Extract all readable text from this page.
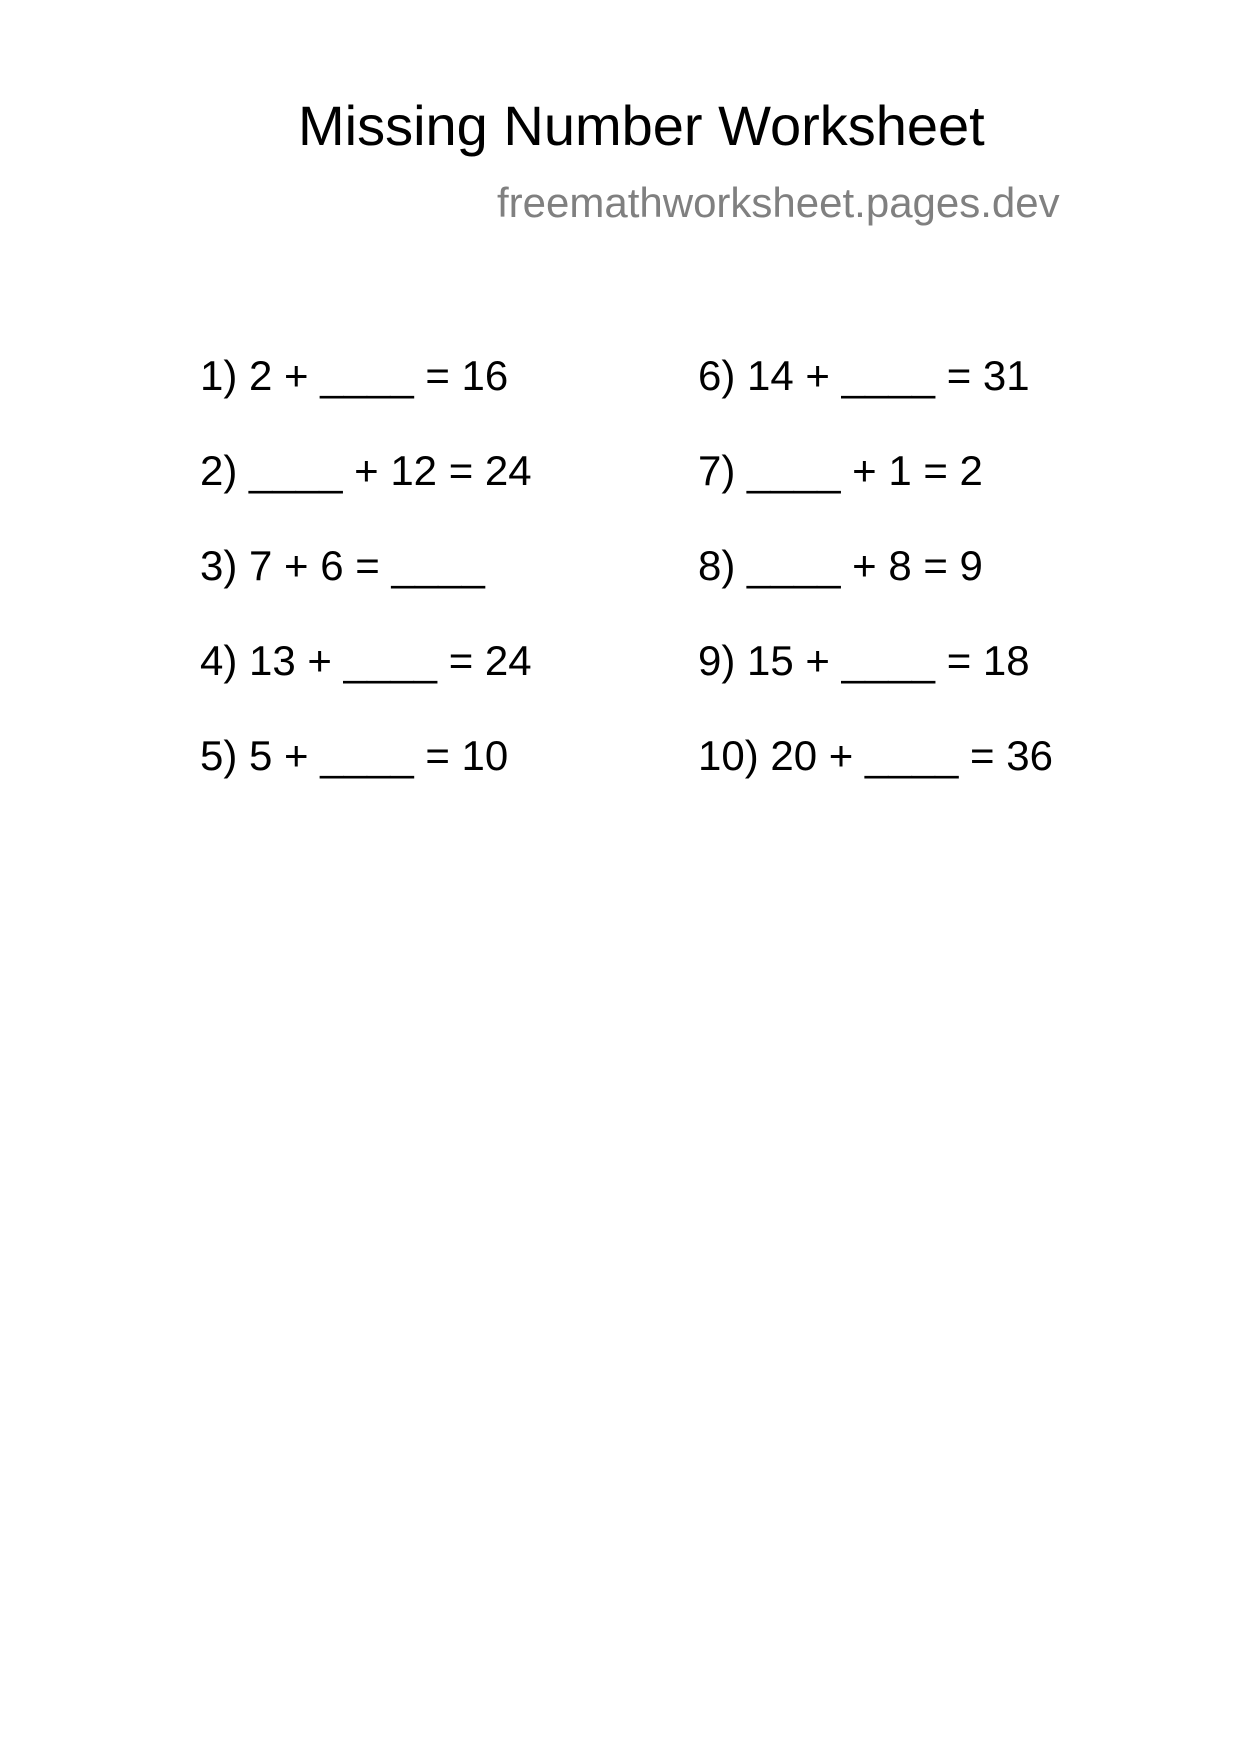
Missing Number Worksheet
freemathworksheet.pages.dev
1) 2 + ____ = 16
2) ____ + 12 = 24
3) 7 + 6 = ____
4) 13 + ____ = 24
5) 5 + ____ = 10
6) 14 + ____ = 31
7) ____ + 1 = 2
8) ____ + 8 = 9
9) 15 + ____ = 18
10) 20 + ____ = 36
